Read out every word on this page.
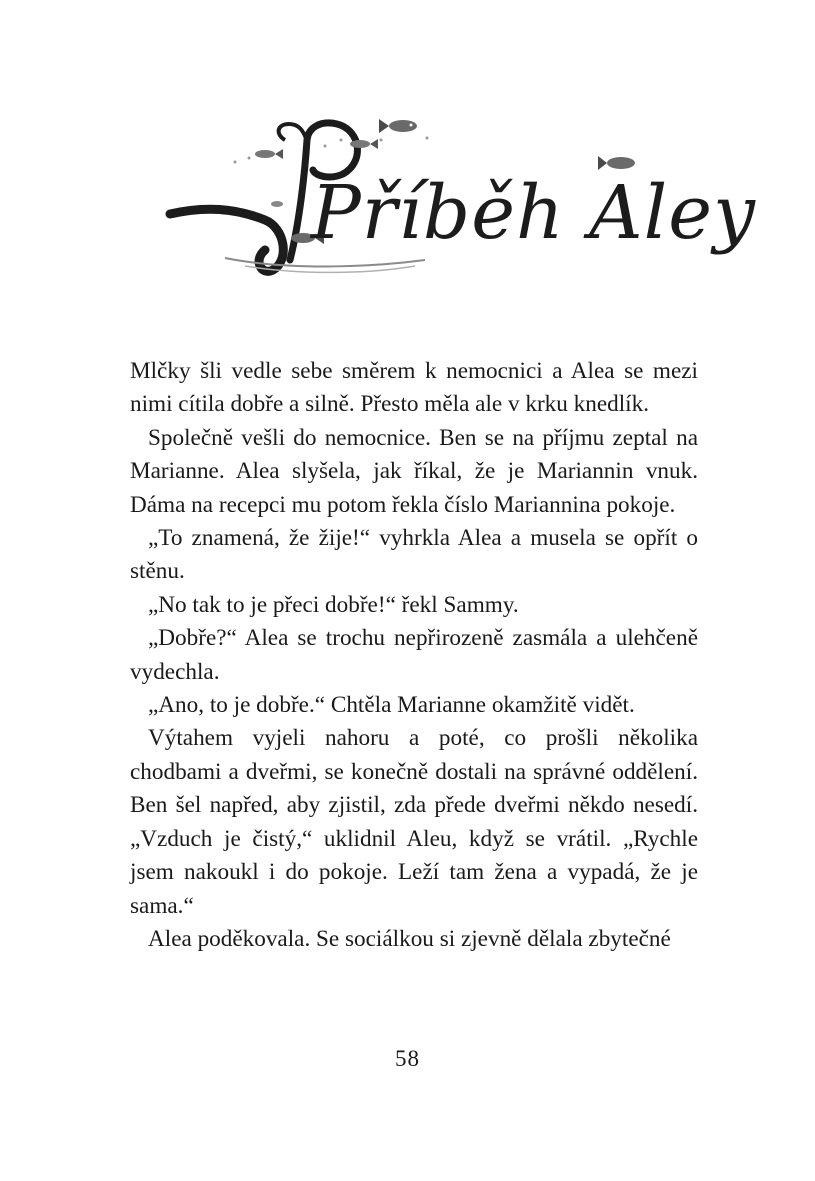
Příběh Aley

Mlčky šli vedle sebe směrem k nemocnici a Alea se mezi nimi cítila dobře a silně. Přesto měla ale v krku knedlík.

Společně vešli do nemocnice. Ben se na příjmu zeptal na Marianne. Alea slyšela, jak říkal, že je Mariannin vnuk. Dáma na recepci mu potom řekla číslo Mariannina pokoje.

„To znamená, že žije!“ vyhrkla Alea a musela se opřít o stěnu.

„No tak to je přeci dobře!“ řekl Sammy.

„Dobře?“ Alea se trochu nepřirozeně zasmála a ulehčeně vydechla.

„Ano, to je dobře.“ Chtěla Marianne okamžitě vidět.

Výtahem vyjeli nahoru a poté, co prošli několika chodbami a dveřmi, se konečně dostali na správné oddělení. Ben šel napřed, aby zjistil, zda přede dveřmi někdo nesedí. „Vzduch je čistý,“ uklidnil Aleu, když se vrátil. „Rychle jsem nakoukl i do pokoje. Leží tam žena a vypadá, že je sama.“

Alea poděkovala. Se sociálkou si zjevně dělala zbytečné

58
